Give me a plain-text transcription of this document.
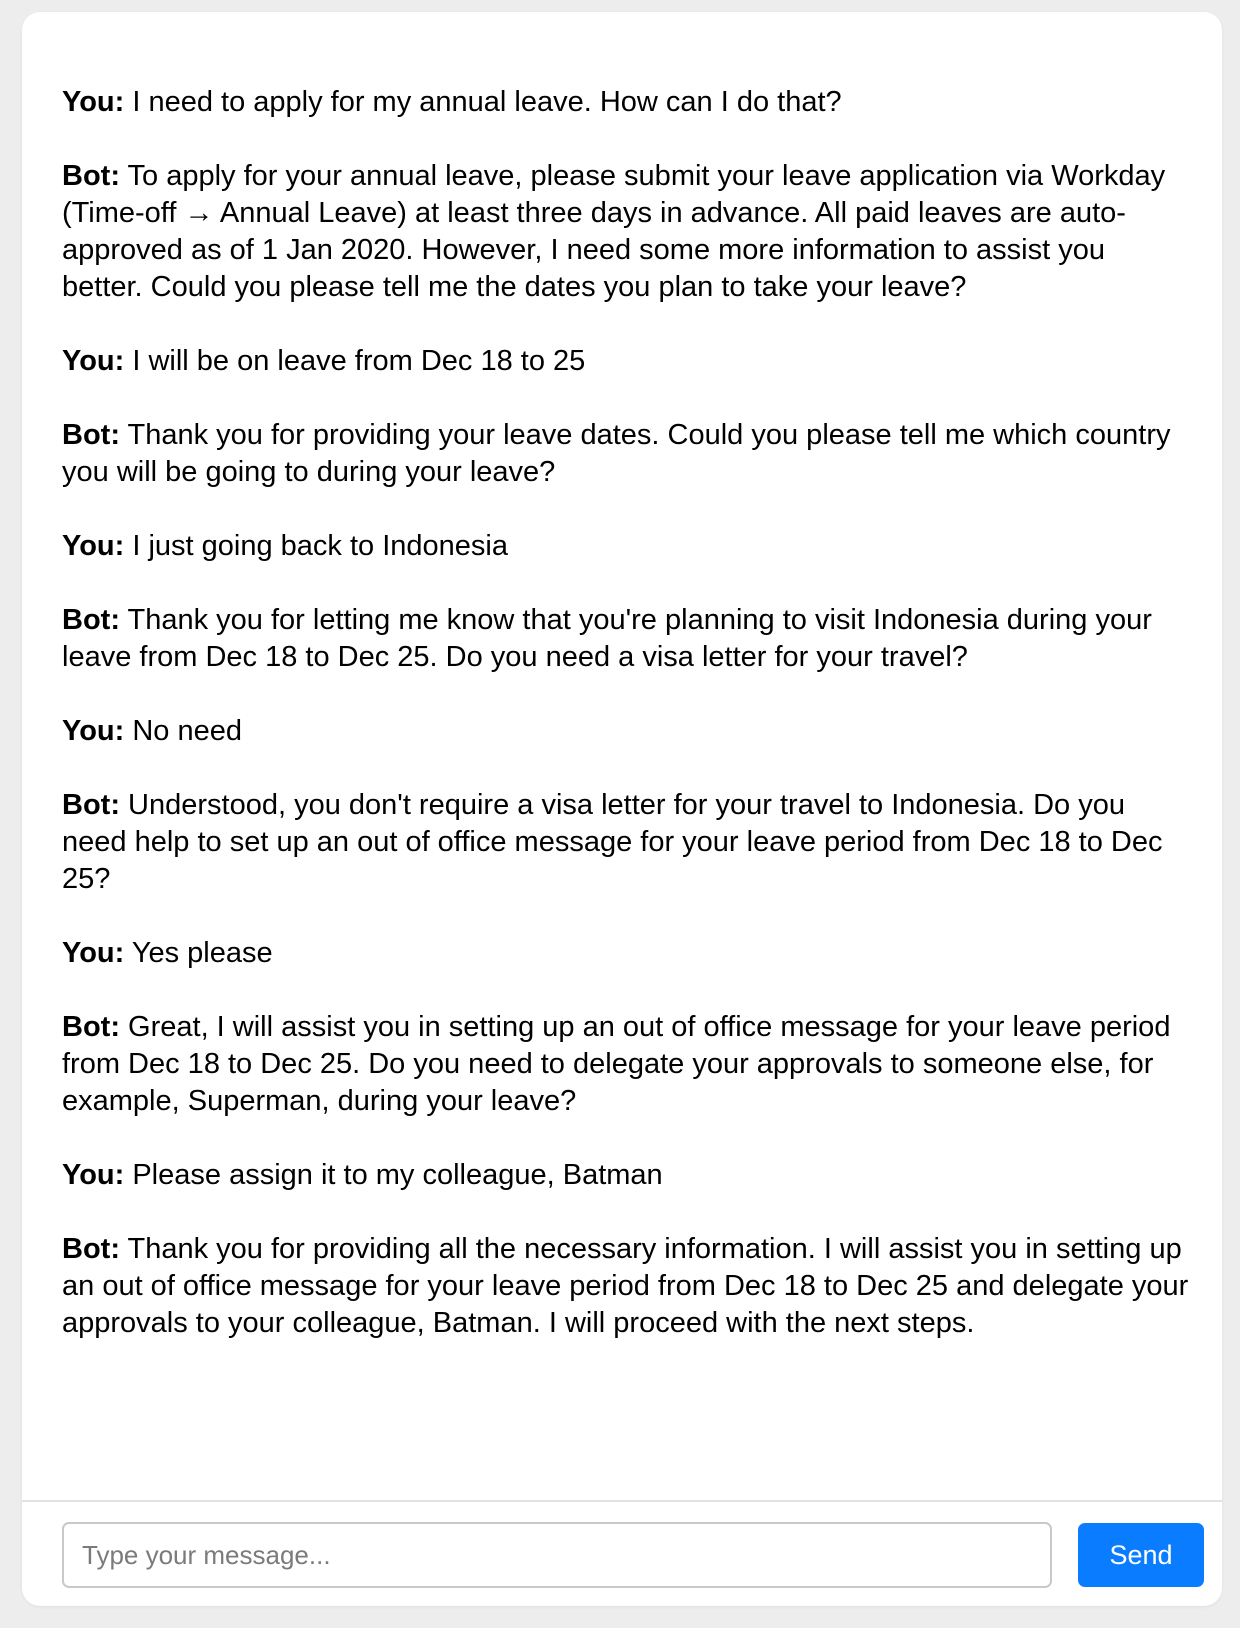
You: I need to apply for my annual leave. How can I do that?
Bot: To apply for your annual leave, please submit your leave application via Workday (Time-off → Annual Leave) at least three days in advance. All paid leaves are auto-approved as of 1 Jan 2020. However, I need some more information to assist you better. Could you please tell me the dates you plan to take your leave?
You: I will be on leave from Dec 18 to 25
Bot: Thank you for providing your leave dates. Could you please tell me which country you will be going to during your leave?
You: I just going back to Indonesia
Bot: Thank you for letting me know that you're planning to visit Indonesia during your leave from Dec 18 to Dec 25. Do you need a visa letter for your travel?
You: No need
Bot: Understood, you don't require a visa letter for your travel to Indonesia. Do you need help to set up an out of office message for your leave period from Dec 18 to Dec 25?
You: Yes please
Bot: Great, I will assist you in setting up an out of office message for your leave period from Dec 18 to Dec 25. Do you need to delegate your approvals to someone else, for example, Superman, during your leave?
You: Please assign it to my colleague, Batman
Bot: Thank you for providing all the necessary information. I will assist you in setting up an out of office message for your leave period from Dec 18 to Dec 25 and delegate your approvals to your colleague, Batman. I will proceed with the next steps.
Type your message...
Send
